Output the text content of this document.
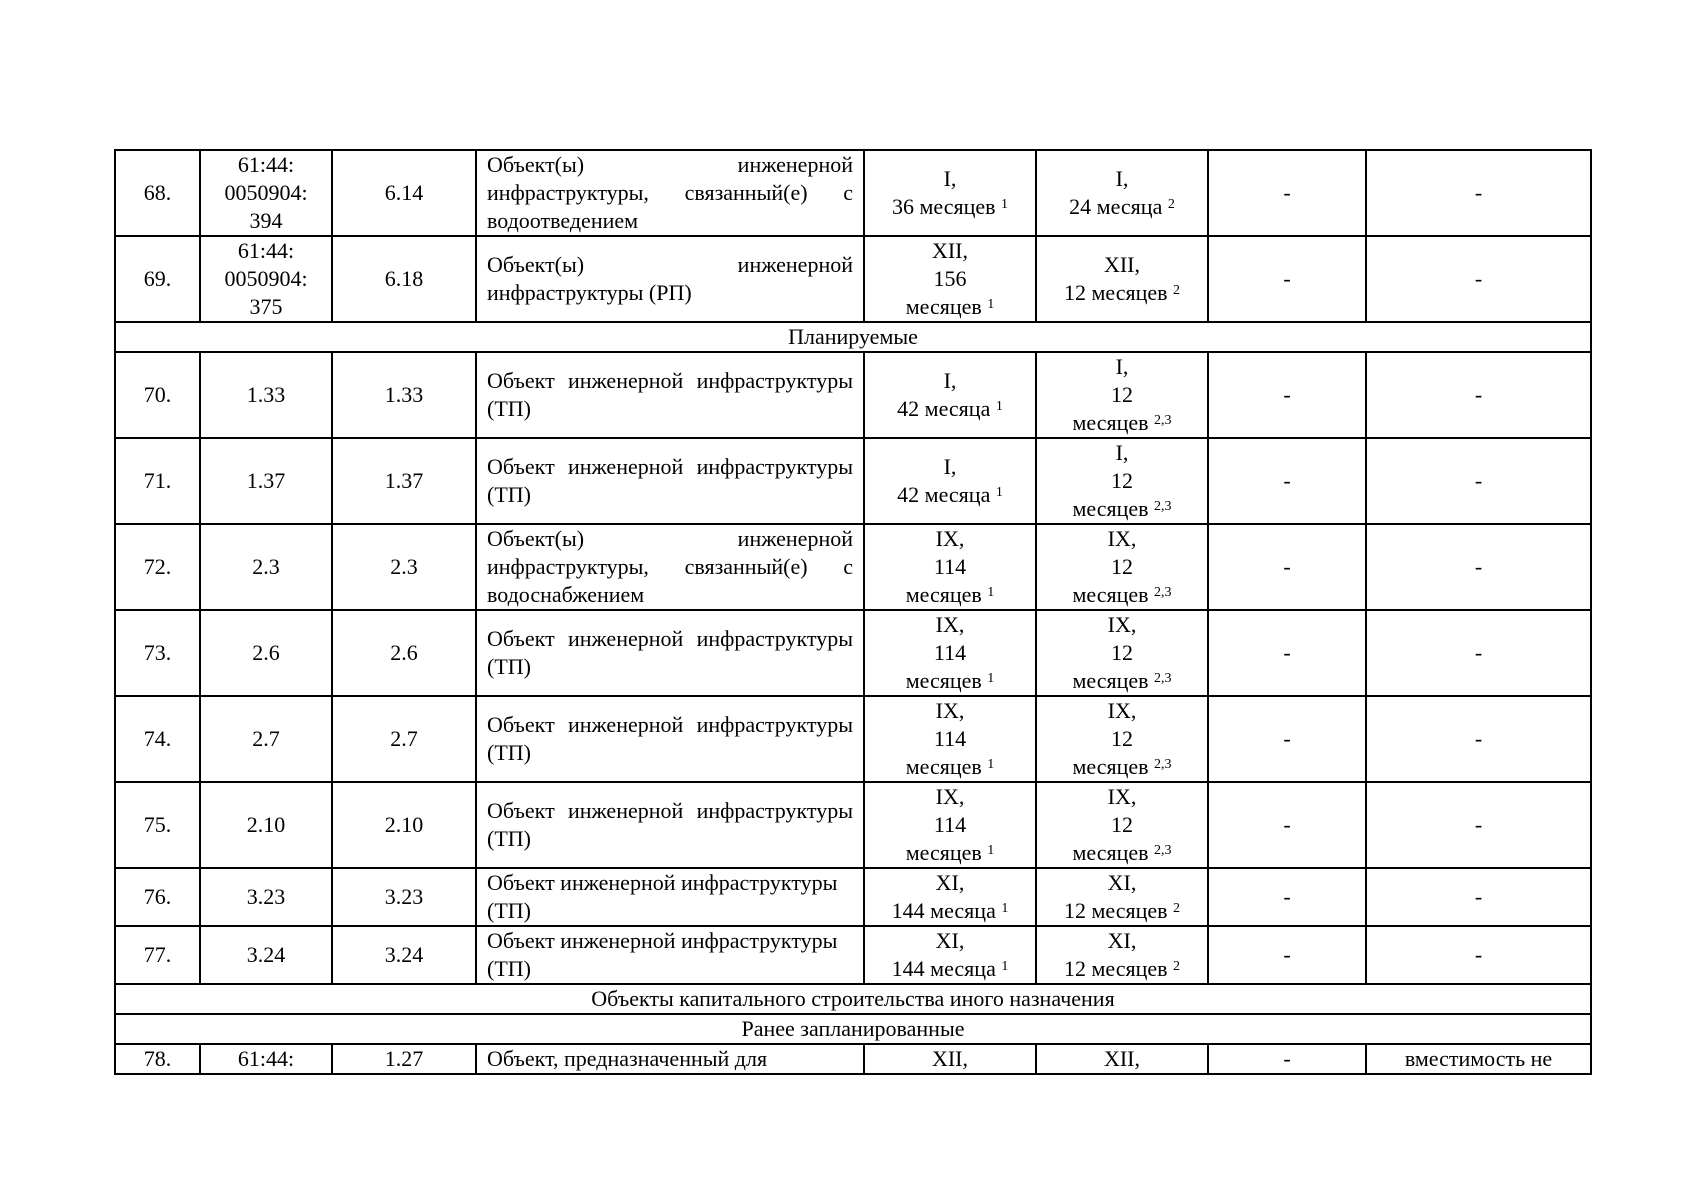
68.	61:44:
0050904:
394	6.14	Объект(ы) инженерной инфраструктуры, связанный(е) с водоотведением	I,
36 месяцев $^1$	I,
24 месяца $^2$	-	-
69.	61:44:
0050904:
375	6.18	Объект(ы) инженерной инфраструктуры (РП)	XII,
156
месяцев $^1$	XII,
12 месяцев $^2$	-	-
Планируемые							
70.	1.33	1.33	Объект инженерной инфраструктуры (ТП)	I,
42 месяца $^1$	I,
12
месяцев $^{2,3}$	-	-
71.	1.37	1.37	Объект инженерной инфраструктуры (ТП)	I,
42 месяца $^1$	I,
12
месяцев $^{2,3}$	-	-
72.	2.3	2.3	Объект(ы) инженерной инфраструктуры, связанный(е) с водоснабжением	IX,
114
месяцев $^1$	IX,
12
месяцев $^{2,3}$	-	-
73.	2.6	2.6	Объект инженерной инфраструктуры (ТП)	IX,
114
месяцев $^1$	IX,
12
месяцев $^{2,3}$	-	-
74.	2.7	2.7	Объект инженерной инфраструктуры (ТП)	IX,
114
месяцев $^1$	IX,
12
месяцев $^{2,3}$	-	-
75.	2.10	2.10	Объект инженерной инфраструктуры (ТП)	IX,
114
месяцев $^1$	IX,
12
месяцев $^{2,3}$	-	-
76.	3.23	3.23	Объект инженерной инфраструктуры (ТП)	XI,
144 месяца $^1$	XI,
12 месяцев $^2$	-	-
77.	3.24	3.24	Объект инженерной инфраструктуры (ТП)	XI,
144 месяца $^1$	XI,
12 месяцев $^2$	-	-
Объекты капитального строительства иного назначения							
Ранее запланированные							
78.	61:44:	1.27	Объект, предназначенный для	XII,	XII,	-	вместимость не
